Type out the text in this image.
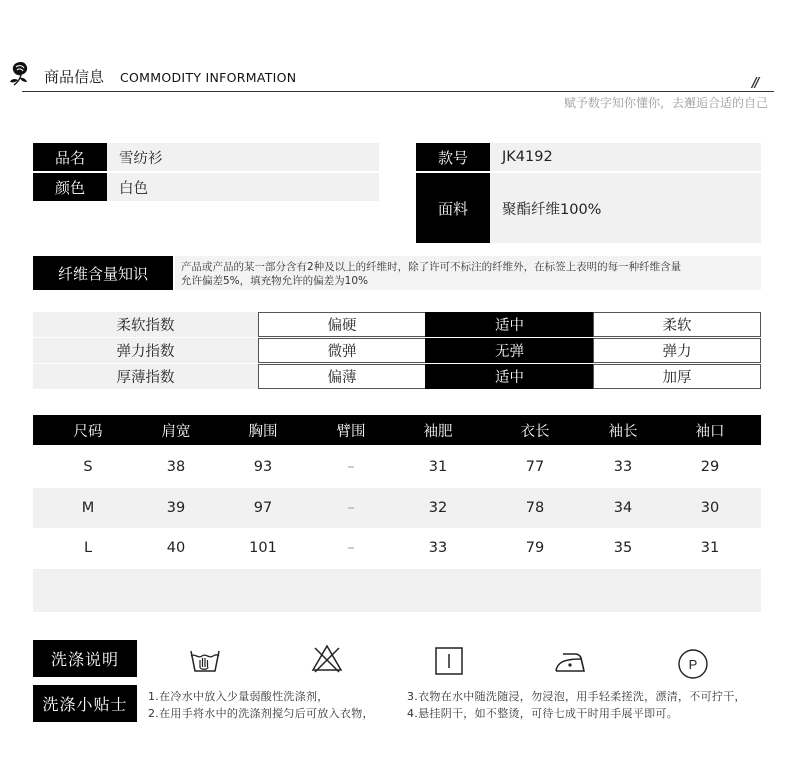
商品信息 COMMODITY INFORMATION	//
赋予数字知你懂你，去邂逅合适的自己
品名	雪纺衫
颜色	白色
款号	JK4192
面料	聚酯纤维100%
纤维含量知识	产品或产品的某一部分含有2种及以上的纤维时，除了许可不标注的纤维外，在标签上表明的每一种纤维含量
允许偏差5%，填充物允许的偏差为10%
柔软指数	偏硬	适中	柔软
弹力指数	微弹	无弹	弹力
厚薄指数	偏薄	适中	加厚
尺码	肩宽	胸围	臂围	袖肥	衣长	袖长	袖口
S	38	93	–	31	77	33	29
M	39	97	–	32	78	34	30
L	40	101	–	33	79	35	31
洗涤说明	P
洗涤小贴士	1.在冷水中放入少量弱酸性洗涤剂，
2.在用手将水中的洗涤剂搅匀后可放入衣物，
3.衣物在水中随洗随浸，勿浸泡，用手轻柔搓洗，漂清，不可拧干，
4.悬挂阴干，如不整烫，可待七成干时用手展平即可。
